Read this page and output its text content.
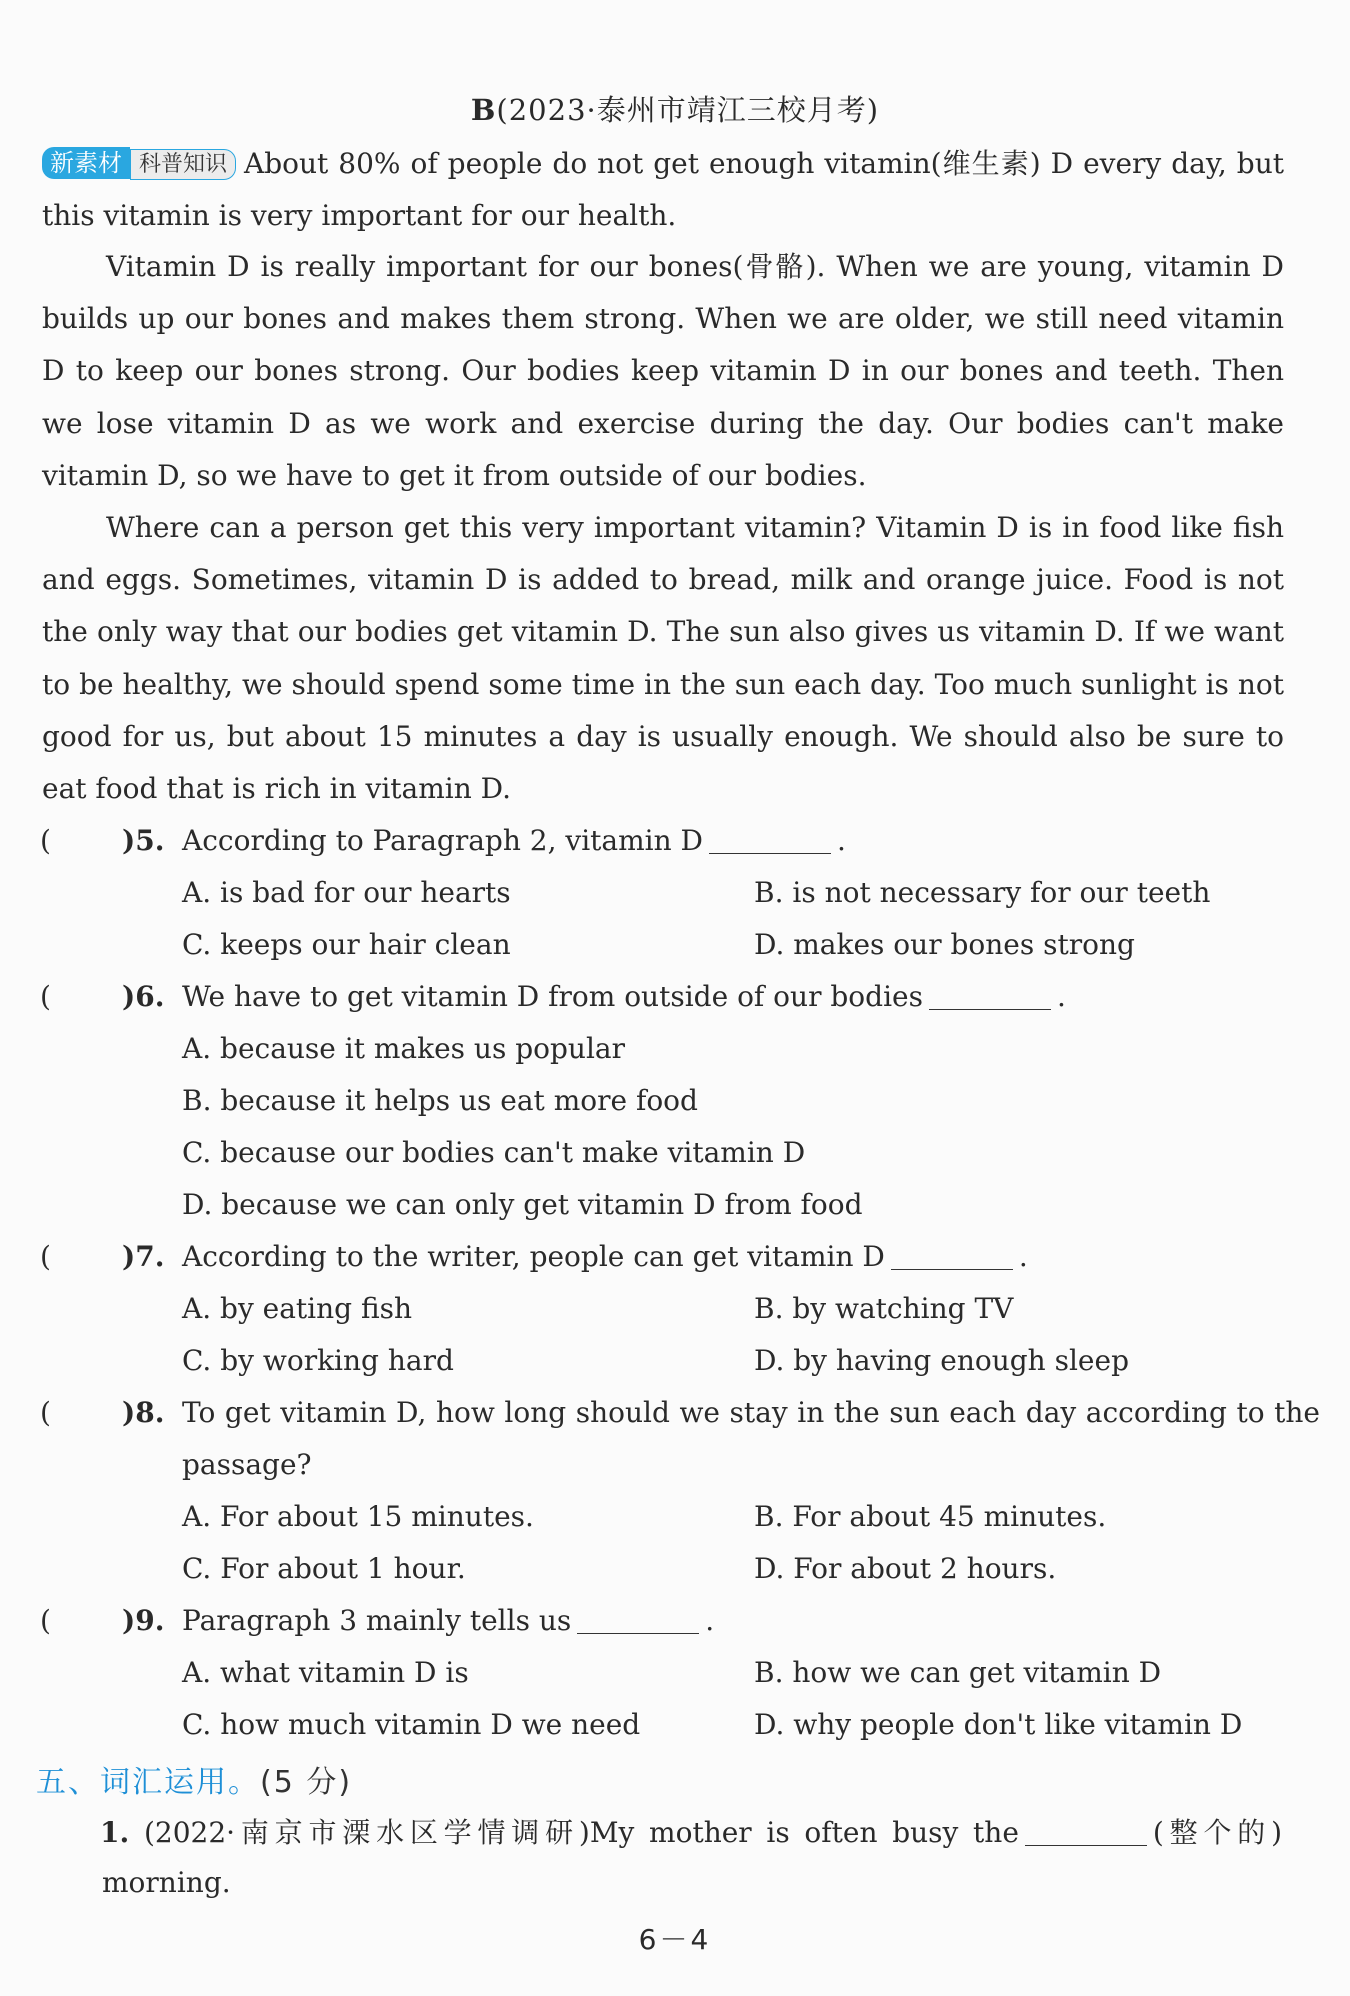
B(2023·泰州市靖江三校月考)
新素材 科普知识 About 80% of people do not get enough vitamin(维生素) D every day, but this vitamin is very important for our health.
Vitamin D is really important for our bones(骨骼). When we are young, vitamin D builds up our bones and makes them strong. When we are older, we still need vitamin D to keep our bones strong. Our bodies keep vitamin D in our bones and teeth. Then we lose vitamin D as we work and exercise during the day. Our bodies can't make vitamin D, so we have to get it from outside of our bodies.
Where can a person get this very important vitamin? Vitamin D is in food like fish and eggs. Sometimes, vitamin D is added to bread, milk and orange juice. Food is not the only way that our bodies get vitamin D. The sun also gives us vitamin D. If we want to be healthy, we should spend some time in the sun each day. Too much sunlight is not good for us, but about 15 minutes a day is usually enough. We should also be sure to eat food that is rich in vitamin D.
(	)5. According to Paragraph 2, vitamin D	.
A. is bad for our hearts	B. is not necessary for our teeth
C. keeps our hair clean	D. makes our bones strong
(	)6. We have to get vitamin D from outside of our bodies	.
A. because it makes us popular
B. because it helps us eat more food
C. because our bodies can't make vitamin D
D. because we can only get vitamin D from food
(	)7. According to the writer, people can get vitamin D	.
A. by eating fish	B. by watching TV
C. by working hard	D. by having enough sleep
(	)8. To get vitamin D, how long should we stay in the sun each day according to the passage?
A. For about 15 minutes.	B. For about 45 minutes.
C. For about 1 hour.	D. For about 2 hours.
(	)9. Paragraph 3 mainly tells us	.
A. what vitamin D is	B. how we can get vitamin D
C. how much vitamin D we need	D. why people don't like vitamin D
五、词汇运用。(5 分)
1. (2022·南京市溧水区学情调研)My mother is often busy the	(整个的) morning.
6－4
